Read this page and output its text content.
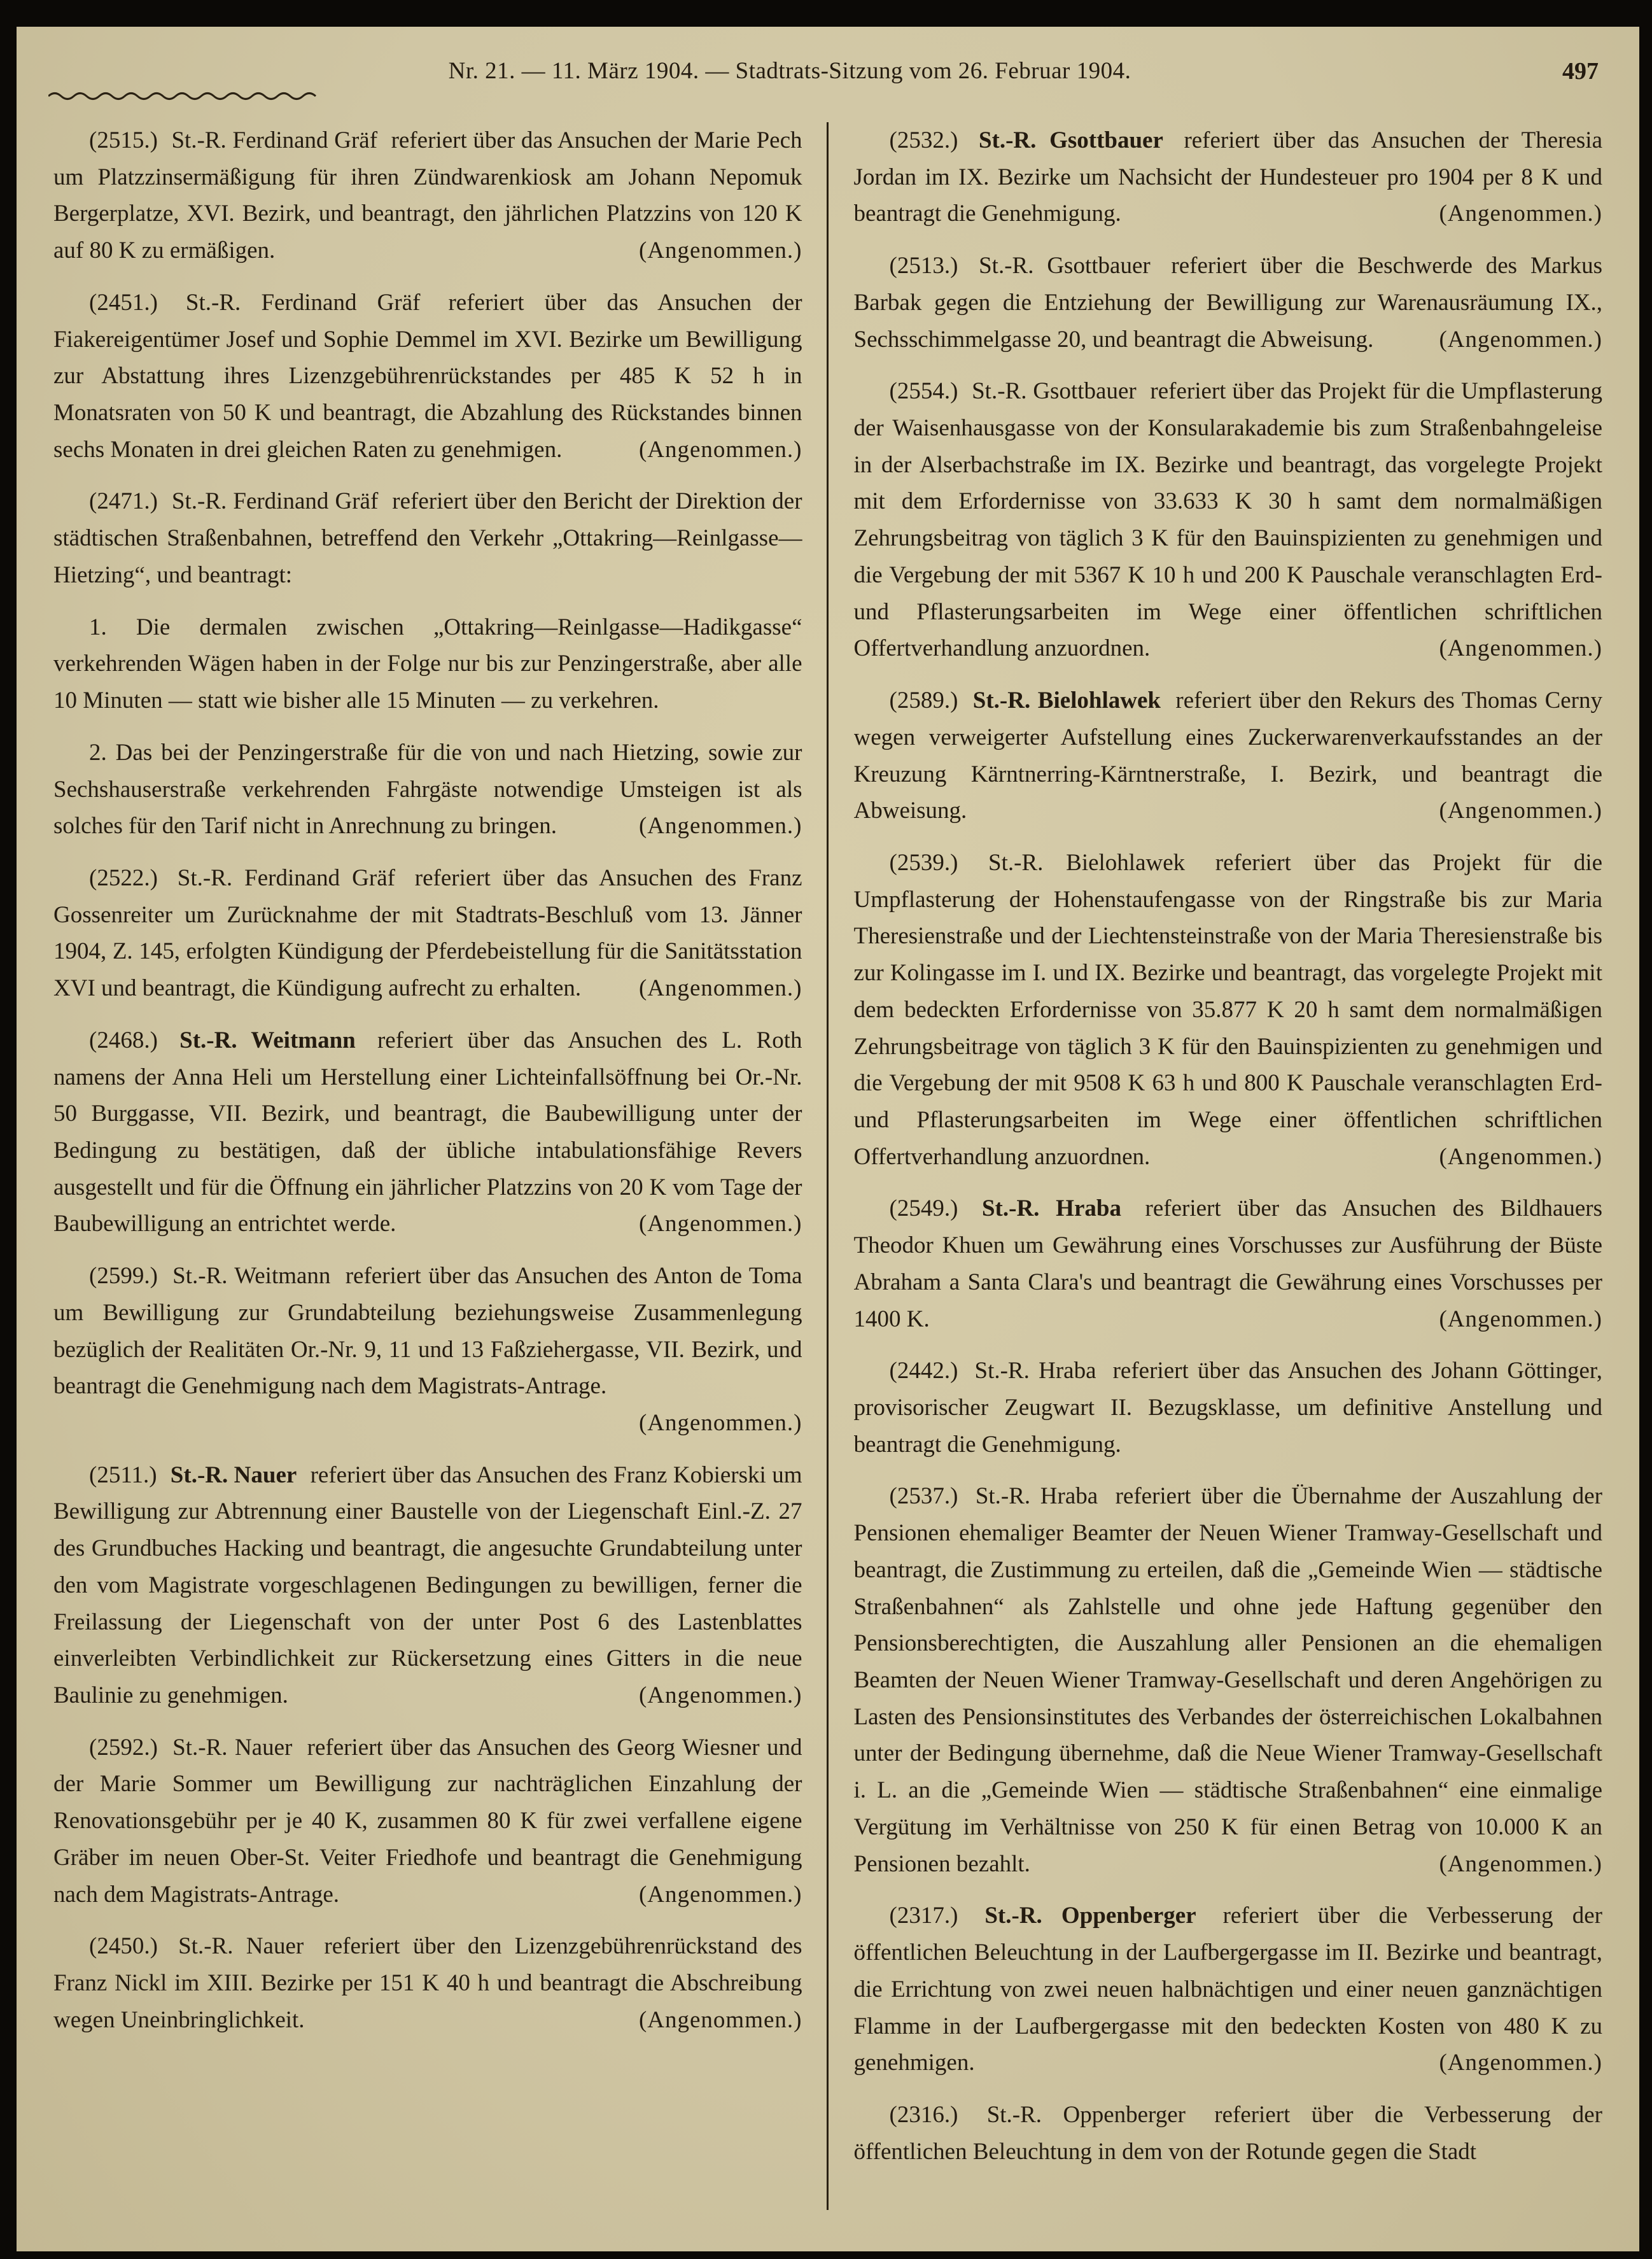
Nr. 21. — 11. März 1904. — Stadtrats-Sitzung vom 26. Februar 1904.	497

(2515.) St.-R. Ferdinand Gräf referiert über das Ansuchen der Marie Pech um Platzzinsermäßigung für ihren Zündwarenkiosk am Johann Nepomuk Bergerplatze, XVI. Bezirk, und beantragt, den jährlichen Platzzins von 120 K auf 80 K zu ermäßigen.	(Angenommen.)

(2451.) St.-R. Ferdinand Gräf referiert über das Ansuchen der Fiakereigentümer Josef und Sophie Demmel im XVI. Bezirke um Bewilligung zur Abstattung ihres Lizenzgebührenrückstandes per 485 K 52 h in Monatsraten von 50 K und beantragt, die Abzahlung des Rückstandes binnen sechs Monaten in drei gleichen Raten zu genehmigen.	(Angenommen.)

(2471.) St.-R. Ferdinand Gräf referiert über den Bericht der Direktion der städtischen Straßenbahnen, betreffend den Verkehr „Ottakring—Reinlgasse—Hietzing“, und beantragt:

1. Die dermalen zwischen „Ottakring—Reinlgasse—Hadikgasse“ verkehrenden Wägen haben in der Folge nur bis zur Penzingerstraße, aber alle 10 Minuten — statt wie bisher alle 15 Minuten — zu verkehren.

2. Das bei der Penzingerstraße für die von und nach Hietzing, sowie zur Sechshauserstraße verkehrenden Fahrgäste notwendige Umsteigen ist als solches für den Tarif nicht in Anrechnung zu bringen.	(Angenommen.)

(2522.) St.-R. Ferdinand Gräf referiert über das Ansuchen des Franz Gossenreiter um Zurücknahme der mit Stadtrats-Beschluß vom 13. Jänner 1904, Z. 145, erfolgten Kündigung der Pferdebeistellung für die Sanitätsstation XVI und beantragt, die Kündigung aufrecht zu erhalten.	(Angenommen.)

(2468.) St.-R. Weitmann referiert über das Ansuchen des L. Roth namens der Anna Heli um Herstellung einer Lichteinfallsöffnung bei Or.-Nr. 50 Burggasse, VII. Bezirk, und beantragt, die Baubewilligung unter der Bedingung zu bestätigen, daß der übliche intabulationsfähige Revers ausgestellt und für die Öffnung ein jährlicher Platzzins von 20 K vom Tage der Baubewilligung an entrichtet werde.	(Angenommen.)

(2599.) St.-R. Weitmann referiert über das Ansuchen des Anton de Toma um Bewilligung zur Grundabteilung beziehungsweise Zusammenlegung bezüglich der Realitäten Or.-Nr. 9, 11 und 13 Faßziehergasse, VII. Bezirk, und beantragt die Genehmigung nach dem Magistrats-Antrage.
(Angenommen.)

(2511.) St.-R. Nauer referiert über das Ansuchen des Franz Kobierski um Bewilligung zur Abtrennung einer Baustelle von der Liegenschaft Einl.-Z. 27 des Grundbuches Hacking und beantragt, die angesuchte Grundabteilung unter den vom Magistrate vorgeschlagenen Bedingungen zu bewilligen, ferner die Freilassung der Liegenschaft von der unter Post 6 des Lastenblattes einverleibten Verbindlichkeit zur Rückersetzung eines Gitters in die neue Baulinie zu genehmigen.	(Angenommen.)

(2592.) St.-R. Nauer referiert über das Ansuchen des Georg Wiesner und der Marie Sommer um Bewilligung zur nachträglichen Einzahlung der Renovationsgebühr per je 40 K, zusammen 80 K für zwei verfallene eigene Gräber im neuen Ober-St. Veiter Friedhofe und beantragt die Genehmigung nach dem Magistrats-Antrage.	(Angenommen.)

(2450.) St.-R. Nauer referiert über den Lizenzgebührenrückstand des Franz Nickl im XIII. Bezirke per 151 K 40 h und beantragt die Abschreibung wegen Uneinbringlichkeit.	(Angenommen.)

(2532.) St.-R. Gsottbauer referiert über das Ansuchen der Theresia Jordan im IX. Bezirke um Nachsicht der Hundesteuer pro 1904 per 8 K und beantragt die Genehmigung.	(Angenommen.)

(2513.) St.-R. Gsottbauer referiert über die Beschwerde des Markus Barbak gegen die Entziehung der Bewilligung zur Warenausräumung IX., Sechsschimmelgasse 20, und beantragt die Abweisung.	(Angenommen.)

(2554.) St.-R. Gsottbauer referiert über das Projekt für die Umpflasterung der Waisenhausgasse von der Konsularakademie bis zum Straßenbahngeleise in der Alserbachstraße im IX. Bezirke und beantragt, das vorgelegte Projekt mit dem Erfordernisse von 33.633 K 30 h samt dem normalmäßigen Zehrungsbeitrag von täglich 3 K für den Bauinspizienten zu genehmigen und die Vergebung der mit 5367 K 10 h und 200 K Pauschale veranschlagten Erd- und Pflasterungsarbeiten im Wege einer öffentlichen schriftlichen Offertverhandlung anzuordnen.	(Angenommen.)

(2589.) St.-R. Bielohlawek referiert über den Rekurs des Thomas Cerny wegen verweigerter Aufstellung eines Zuckerwarenverkaufsstandes an der Kreuzung Kärntnerring-Kärntnerstraße, I. Bezirk, und beantragt die Abweisung.	(Angenommen.)

(2539.) St.-R. Bielohlawek referiert über das Projekt für die Umpflasterung der Hohenstaufengasse von der Ringstraße bis zur Maria Theresienstraße und der Liechtensteinstraße von der Maria Theresienstraße bis zur Kolingasse im I. und IX. Bezirke und beantragt, das vorgelegte Projekt mit dem bedeckten Erfordernisse von 35.877 K 20 h samt dem normalmäßigen Zehrungsbeitrage von täglich 3 K für den Bauinspizienten zu genehmigen und die Vergebung der mit 9508 K 63 h und 800 K Pauschale veranschlagten Erd- und Pflasterungsarbeiten im Wege einer öffentlichen schriftlichen Offertverhandlung anzuordnen.	(Angenommen.)

(2549.) St.-R. Hraba referiert über das Ansuchen des Bildhauers Theodor Khuen um Gewährung eines Vorschusses zur Ausführung der Büste Abraham a Santa Clara's und beantragt die Gewährung eines Vorschusses per 1400 K.	(Angenommen.)

(2442.) St.-R. Hraba referiert über das Ansuchen des Johann Göttinger, provisorischer Zeugwart II. Bezugsklasse, um definitive Anstellung und beantragt die Genehmigung.

(2537.) St.-R. Hraba referiert über die Übernahme der Auszahlung der Pensionen ehemaliger Beamter der Neuen Wiener Tramway-Gesellschaft und beantragt, die Zustimmung zu erteilen, daß die „Gemeinde Wien — städtische Straßenbahnen“ als Zahlstelle und ohne jede Haftung gegenüber den Pensionsberechtigten, die Auszahlung aller Pensionen an die ehemaligen Beamten der Neuen Wiener Tramway-Gesellschaft und deren Angehörigen zu Lasten des Pensionsinstitutes des Verbandes der österreichischen Lokalbahnen unter der Bedingung übernehme, daß die Neue Wiener Tramway-Gesellschaft i. L. an die „Gemeinde Wien — städtische Straßenbahnen“ eine einmalige Vergütung im Verhältnisse von 250 K für einen Betrag von 10.000 K an Pensionen bezahlt.	(Angenommen.)

(2317.) St.-R. Oppenberger referiert über die Verbesserung der öffentlichen Beleuchtung in der Laufbergergasse im II. Bezirke und beantragt, die Errichtung von zwei neuen halbnächtigen und einer neuen ganznächtigen Flamme in der Laufbergergasse mit den bedeckten Kosten von 480 K zu genehmigen.	(Angenommen.)

(2316.) St.-R. Oppenberger referiert über die Verbesserung der öffentlichen Beleuchtung in dem von der Rotunde gegen die Stadt
